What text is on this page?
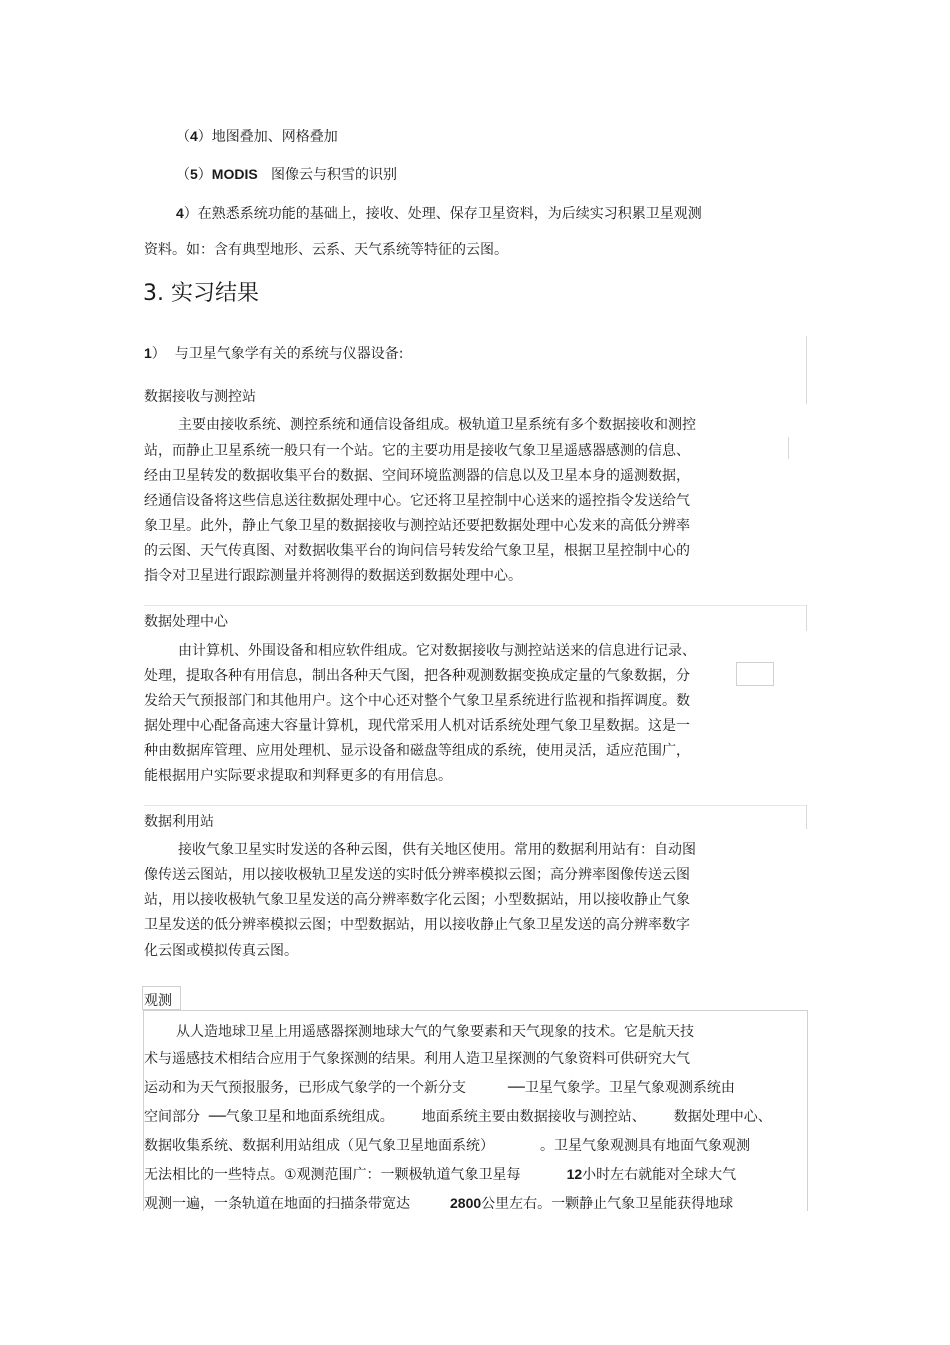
（4）地图叠加、网格叠加
（5）MODIS 图像云与积雪的识别
4）在熟悉系统功能的基础上，接收、处理、保存卫星资料，为后续实习积累卫星观测
资料。如：含有典型地形、云系、天气系统等特征的云图。
3. 实习结果
1）  与卫星气象学有关的系统与仪器设备:
数据接收与测控站
主要由接收系统、测控系统和通信设备组成。极轨道卫星系统有多个数据接收和测控
站，而静止卫星系统一般只有一个站。它的主要功用是接收气象卫星遥感器感测的信息、
经由卫星转发的数据收集平台的数据、空间环境监测器的信息以及卫星本身的遥测数据，
经通信设备将这些信息送往数据处理中心。它还将卫星控制中心送来的遥控指令发送给气
象卫星。此外，静止气象卫星的数据接收与测控站还要把数据处理中心发来的高低分辨率
的云图、天气传真图、对数据收集平台的询问信号转发给气象卫星，根据卫星控制中心的
指令对卫星进行跟踪测量并将测得的数据送到数据处理中心。
数据处理中心
由计算机、外围设备和相应软件组成。它对数据接收与测控站送来的信息进行记录、
处理，提取各种有用信息，制出各种天气图，把各种观测数据变换成定量的气象数据，分
发给天气预报部门和其他用户。这个中心还对整个气象卫星系统进行监视和指挥调度。数
据处理中心配备高速大容量计算机，现代常采用人机对话系统处理气象卫星数据。这是一
种由数据库管理、应用处理机、显示设备和磁盘等组成的系统，使用灵活，适应范围广，
能根据用户实际要求提取和判释更多的有用信息。
数据利用站
接收气象卫星实时发送的各种云图，供有关地区使用。常用的数据利用站有：自动图
像传送云图站，用以接收极轨卫星发送的实时低分辨率模拟云图；高分辨率图像传送云图
站，用以接收极轨气象卫星发送的高分辨率数字化云图；小型数据站，用以接收静止气象
卫星发送的低分辨率模拟云图；中型数据站，用以接收静止气象卫星发送的高分辨率数字
化云图或模拟传真云图。
观测
从人造地球卫星上用遥感器探测地球大气的气象要素和天气现象的技术。它是航天技
术与遥感技术相结合应用于气象探测的结果。利用人造卫星探测的气象资料可供研究大气
运动和为天气预报服务，已形成气象学的一个新分支	──卫星气象学。卫星气象观测系统由
空间部分 ──气象卫星和地面系统组成。 地面系统主要由数据接收与测控站、 数据处理中心、
数据收集系统、数据利用站组成（见气象卫星地面系统）	。卫星气象观测具有地面气象观测
无法相比的一些特点。①观测范围广：一颗极轨道气象卫星每	12小时左右就能对全球大气
观测一遍，一条轨道在地面的扫描条带宽达	2800公里左右。一颗静止气象卫星能获得地球
